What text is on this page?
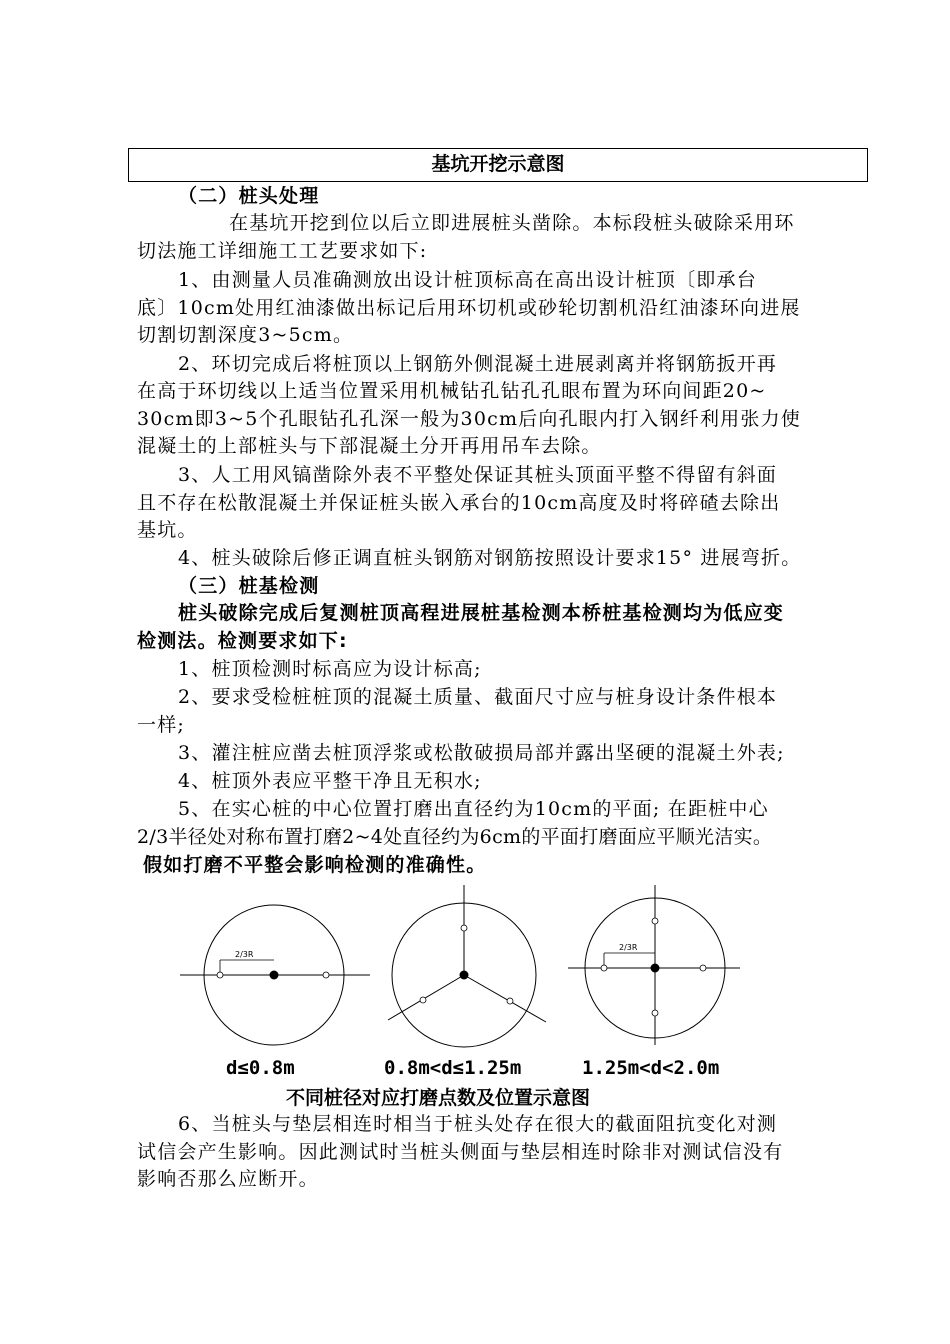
基坑开挖示意图
（二）桩头处理
在基坑开挖到位以后立即进展桩头凿除。本标段桩头破除采用环
切法施工详细施工工艺要求如下:
1、由测量人员准确测放出设计桩顶标高在高出设计桩顶〔即承台
底〕10cm处用红油漆做出标记后用环切机或砂轮切割机沿红油漆环向进展
切割切割深度3~5cm。
2、环切完成后将桩顶以上钢筋外侧混凝土进展剥离并将钢筋扳开再
在高于环切线以上适当位置采用机械钻孔钻孔孔眼布置为环向间距20~
30cm即3~5个孔眼钻孔孔深一般为30cm后向孔眼内打入钢纤利用张力使
混凝土的上部桩头与下部混凝土分开再用吊车去除。
3、人工用风镐凿除外表不平整处保证其桩头顶面平整不得留有斜面
且不存在松散混凝土并保证桩头嵌入承台的10cm高度及时将碎碴去除出
基坑。
4、桩头破除后修正调直桩头钢筋对钢筋按照设计要求15° 进展弯折。
（三）桩基检测
桩头破除完成后复测桩顶高程进展桩基检测本桥桩基检测均为低应变
检测法。检测要求如下:
1、桩顶检测时标高应为设计标高;
2、要求受检桩桩顶的混凝土质量、截面尺寸应与桩身设计条件根本
一样;
3、灌注桩应凿去桩顶浮浆或松散破损局部并露出坚硬的混凝土外表;
4、桩顶外表应平整干净且无积水;
5、在实心桩的中心位置打磨出直径约为10cm的平面; 在距桩中心
2/3半径处对称布置打磨2~4处直径约为6cm的平面打磨面应平顺光洁实。
假如打磨不平整会影响检测的准确性。
2/3R
2/3R
d≤0.8m	0.8m<d≤1.25m	1.25m<d<2.0m
不同桩径对应打磨点数及位置示意图
6、当桩头与垫层相连时相当于桩头处存在很大的截面阻抗变化对测
试信会产生影响。因此测试时当桩头侧面与垫层相连时除非对测试信没有
影响否那么应断开。
